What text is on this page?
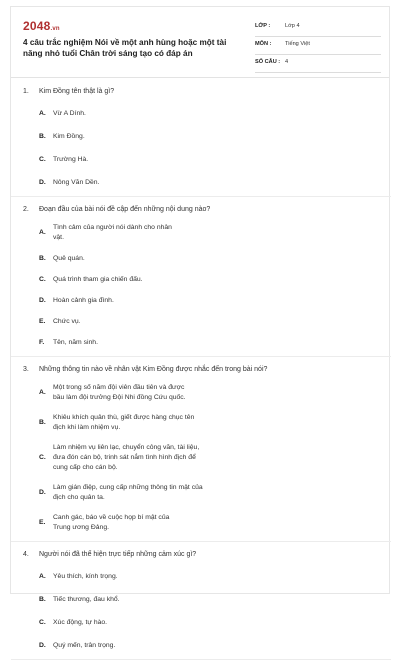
2048.vn
4 câu trắc nghiệm Nói về một anh hùng hoặc một tài năng nhỏ tuổi Chân trời sáng tạo có đáp án
LỚP :	Lớp 4
MÔN :	Tiếng Việt
SỐ CÂU : 4
1.	Kim Đồng tên thật là gì?
A.	Vừ A Dính.
B.	Kim Đồng.
C.	Trường Hà.
D.	Nông Văn Dền.
2.	Đoạn đầu của bài nói đề cập đến những nội dung nào?
A.
Tình cảm của người nói dành cho nhân vật.
B.	Quê quán.
C.	Quá trình tham gia chiến đấu.
D.	Hoàn cảnh gia đình.
E.	Chức vụ.
F.	Tên, năm sinh.
3.	Những thông tin nào về nhân vật Kim Đồng được nhắc đến trong bài nói?
A.
Một trong số năm đội viên đầu tiên và được bầu làm đội trưởng Đội Nhi đồng Cứu quốc.
B.
Khiêu khích quân thù, giết được hàng chục tên địch khi làm nhiệm vụ.
C.
Làm nhiệm vụ liên lạc, chuyển công văn, tài liệu, đưa đón cán bộ, trinh sát nắm tình hình địch để cung cấp cho cán bộ.
D.
Làm gián điệp, cung cấp những thông tin mật của địch cho quân ta.
E.
Canh gác, báo về cuộc họp bí mật của Trung ương Đảng.
4.	Người nói đã thể hiện trực tiếp những cảm xúc gì?
A.	Yêu thích, kính trọng.
B.	Tiếc thương, đau khổ.
C.	Xúc động, tự hào.
D.	Quý mến, trân trọng.
